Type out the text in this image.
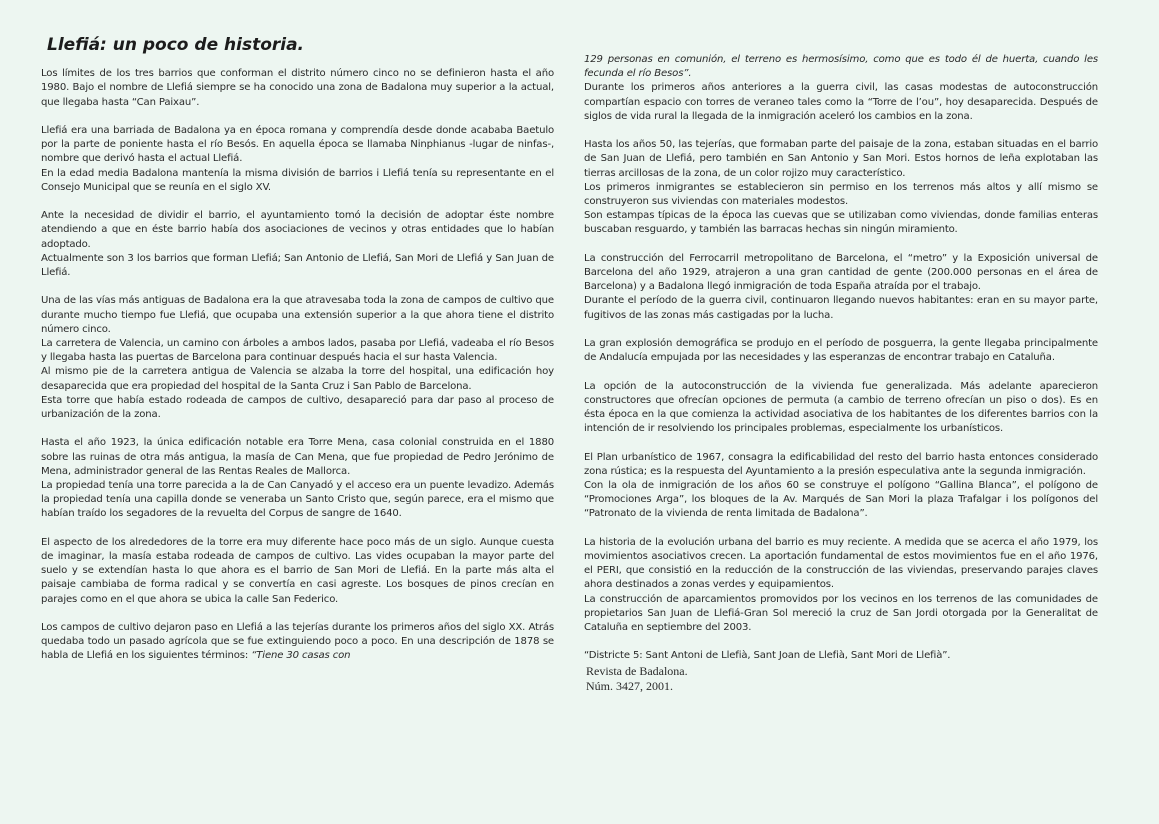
Llefiá: un poco de historia.

Los límites de los tres barrios que conforman el distrito número cinco no se definieron hasta el año 1980. Bajo el nombre de Llefiá siempre se ha conocido una zona de Badalona muy superior a la actual, que llegaba hasta “Can Paixau”.

Llefiá era una barriada de Badalona ya en época romana y comprendía desde donde acababa Baetulo por la parte de poniente hasta el río Besós. En aquella época se llamaba Ninphianus -lugar de ninfas-, nombre que derivó hasta el actual Llefiá.

En la edad media Badalona mantenía la misma división de barrios i Llefiá tenía su representante en el Consejo Municipal que se reunía en el siglo XV.

Ante la necesidad de dividir el barrio, el ayuntamiento tomó la decisión de adoptar éste nombre atendiendo a que en éste barrio había dos asociaciones de vecinos y otras entidades que lo habían adoptado.

Actualmente son 3 los barrios que forman Llefiá; San Antonio de Llefiá, San Mori de Llefiá y San Juan de Llefiá.

Una de las vías más antiguas de Badalona era la que atravesaba toda la zona de campos de cultivo que durante mucho tiempo fue Llefiá, que ocupaba una extensión superior a la que ahora tiene el distrito número cinco.

La carretera de Valencia, un camino con árboles a ambos lados, pasaba por Llefiá, vadeaba el río Besos y llegaba hasta las puertas de Barcelona para continuar después hacia el sur hasta Valencia.

Al mismo pie de la carretera antigua de Valencia se alzaba la torre del hospital, una edificación hoy desaparecida que era propiedad del hospital de la Santa Cruz i San Pablo de Barcelona.

Esta torre que había estado rodeada de campos de cultivo, desapareció para dar paso al proceso de urbanización de la zona.

Hasta el año 1923, la única edificación notable era Torre Mena, casa colonial construida en el 1880 sobre las ruinas de otra más antigua, la masía de Can Mena, que fue propiedad de Pedro Jerónimo de Mena, administrador general de las Rentas Reales de Mallorca.

La propiedad tenía una torre parecida a la de Can Canyadó y el acceso era un puente levadizo. Además la propiedad tenía una capilla donde se veneraba un Santo Cristo que, según parece, era el mismo que habían traído los segadores de la revuelta del Corpus de sangre de 1640.

El aspecto de los alrededores de la torre era muy diferente hace poco más de un siglo. Aunque cuesta de imaginar, la masía estaba rodeada de campos de cultivo. Las vides ocupaban la mayor parte del suelo y se extendían hasta lo que ahora es el barrio de San Mori de Llefiá. En la parte más alta el paisaje cambiaba de forma radical y se convertía en casi agreste. Los bosques de pinos crecían en parajes como en el que ahora se ubica la calle San Federico.

Los campos de cultivo dejaron paso en Llefiá a las tejerías durante los primeros años del siglo XX. Atrás quedaba todo un pasado agrícola que se fue extinguiendo poco a poco. En una descripción de 1878 se habla de Llefiá en los siguientes términos: “Tiene 30 casas con

129 personas en comunión, el terreno es hermosísimo, como que es todo él de huerta, cuando les fecunda el río Besos”.

Durante los primeros años anteriores a la guerra civil, las casas modestas de autoconstrucción compartían espacio con torres de veraneo tales como la “Torre de l’ou”, hoy desaparecida. Después de siglos de vida rural la llegada de la inmigración aceleró los cambios en la zona.

Hasta los años 50, las tejerías, que formaban parte del paisaje de la zona, estaban situadas en el barrio de San Juan de Llefiá, pero también en San Antonio y San Mori. Estos hornos de leña explotaban las tierras arcillosas de la zona, de un color rojizo muy característico.

Los primeros inmigrantes se establecieron sin permiso en los terrenos más altos y allí mismo se construyeron sus viviendas con materiales modestos.

Son estampas típicas de la época las cuevas que se utilizaban como viviendas, donde familias enteras buscaban resguardo, y también las barracas hechas sin ningún miramiento.

La construcción del Ferrocarril metropolitano de Barcelona, el “metro” y la Exposición universal de Barcelona del año 1929, atrajeron a una gran cantidad de gente (200.000 personas en el área de Barcelona) y a Badalona llegó inmigración de toda España atraída por el trabajo.

Durante el período de la guerra civil, continuaron llegando nuevos habitantes: eran en su mayor parte, fugitivos de las zonas más castigadas por la lucha.

La gran explosión demográfica se produjo en el período de posguerra, la gente llegaba principalmente de Andalucía empujada por las necesidades y las esperanzas de encontrar trabajo en Cataluña.

La opción de la autoconstrucción de la vivienda fue generalizada. Más adelante aparecieron constructores que ofrecían opciones de permuta (a cambio de terreno ofrecían un piso o dos). Es en ésta época en la que comienza la actividad asociativa de los habitantes de los diferentes barrios con la intención de ir resolviendo los principales problemas, especialmente los urbanísticos.

El Plan urbanístico de 1967, consagra la edificabilidad del resto del barrio hasta entonces considerado zona rústica; es la respuesta del Ayuntamiento a la presión especulativa ante la segunda inmigración.

Con la ola de inmigración de los años 60 se construye el polígono “Gallina Blanca”, el polígono de “Promociones Arga”, los bloques de la Av. Marqués de San Mori la plaza Trafalgar i los polígonos del “Patronato de la vivienda de renta limitada de Badalona”.

La historia de la evolución urbana del barrio es muy reciente. A medida que se acerca el año 1979, los movimientos asociativos crecen. La aportación fundamental de estos movimientos fue en el año 1976, el PERI, que consistió en la reducción de la construcción de las viviendas, preservando parajes claves ahora destinados a zonas verdes y equipamientos.

La construcción de aparcamientos promovidos por los vecinos en los terrenos de las comunidades de propietarios San Juan de Llefiá-Gran Sol mereció la cruz de San Jordi otorgada por la Generalitat de Cataluña en septiembre del 2003.

“Districte 5: Sant Antoni de Llefià, Sant Joan de Llefià, Sant Mori de Llefià”.

Revista de Badalona.

Núm. 3427, 2001.
